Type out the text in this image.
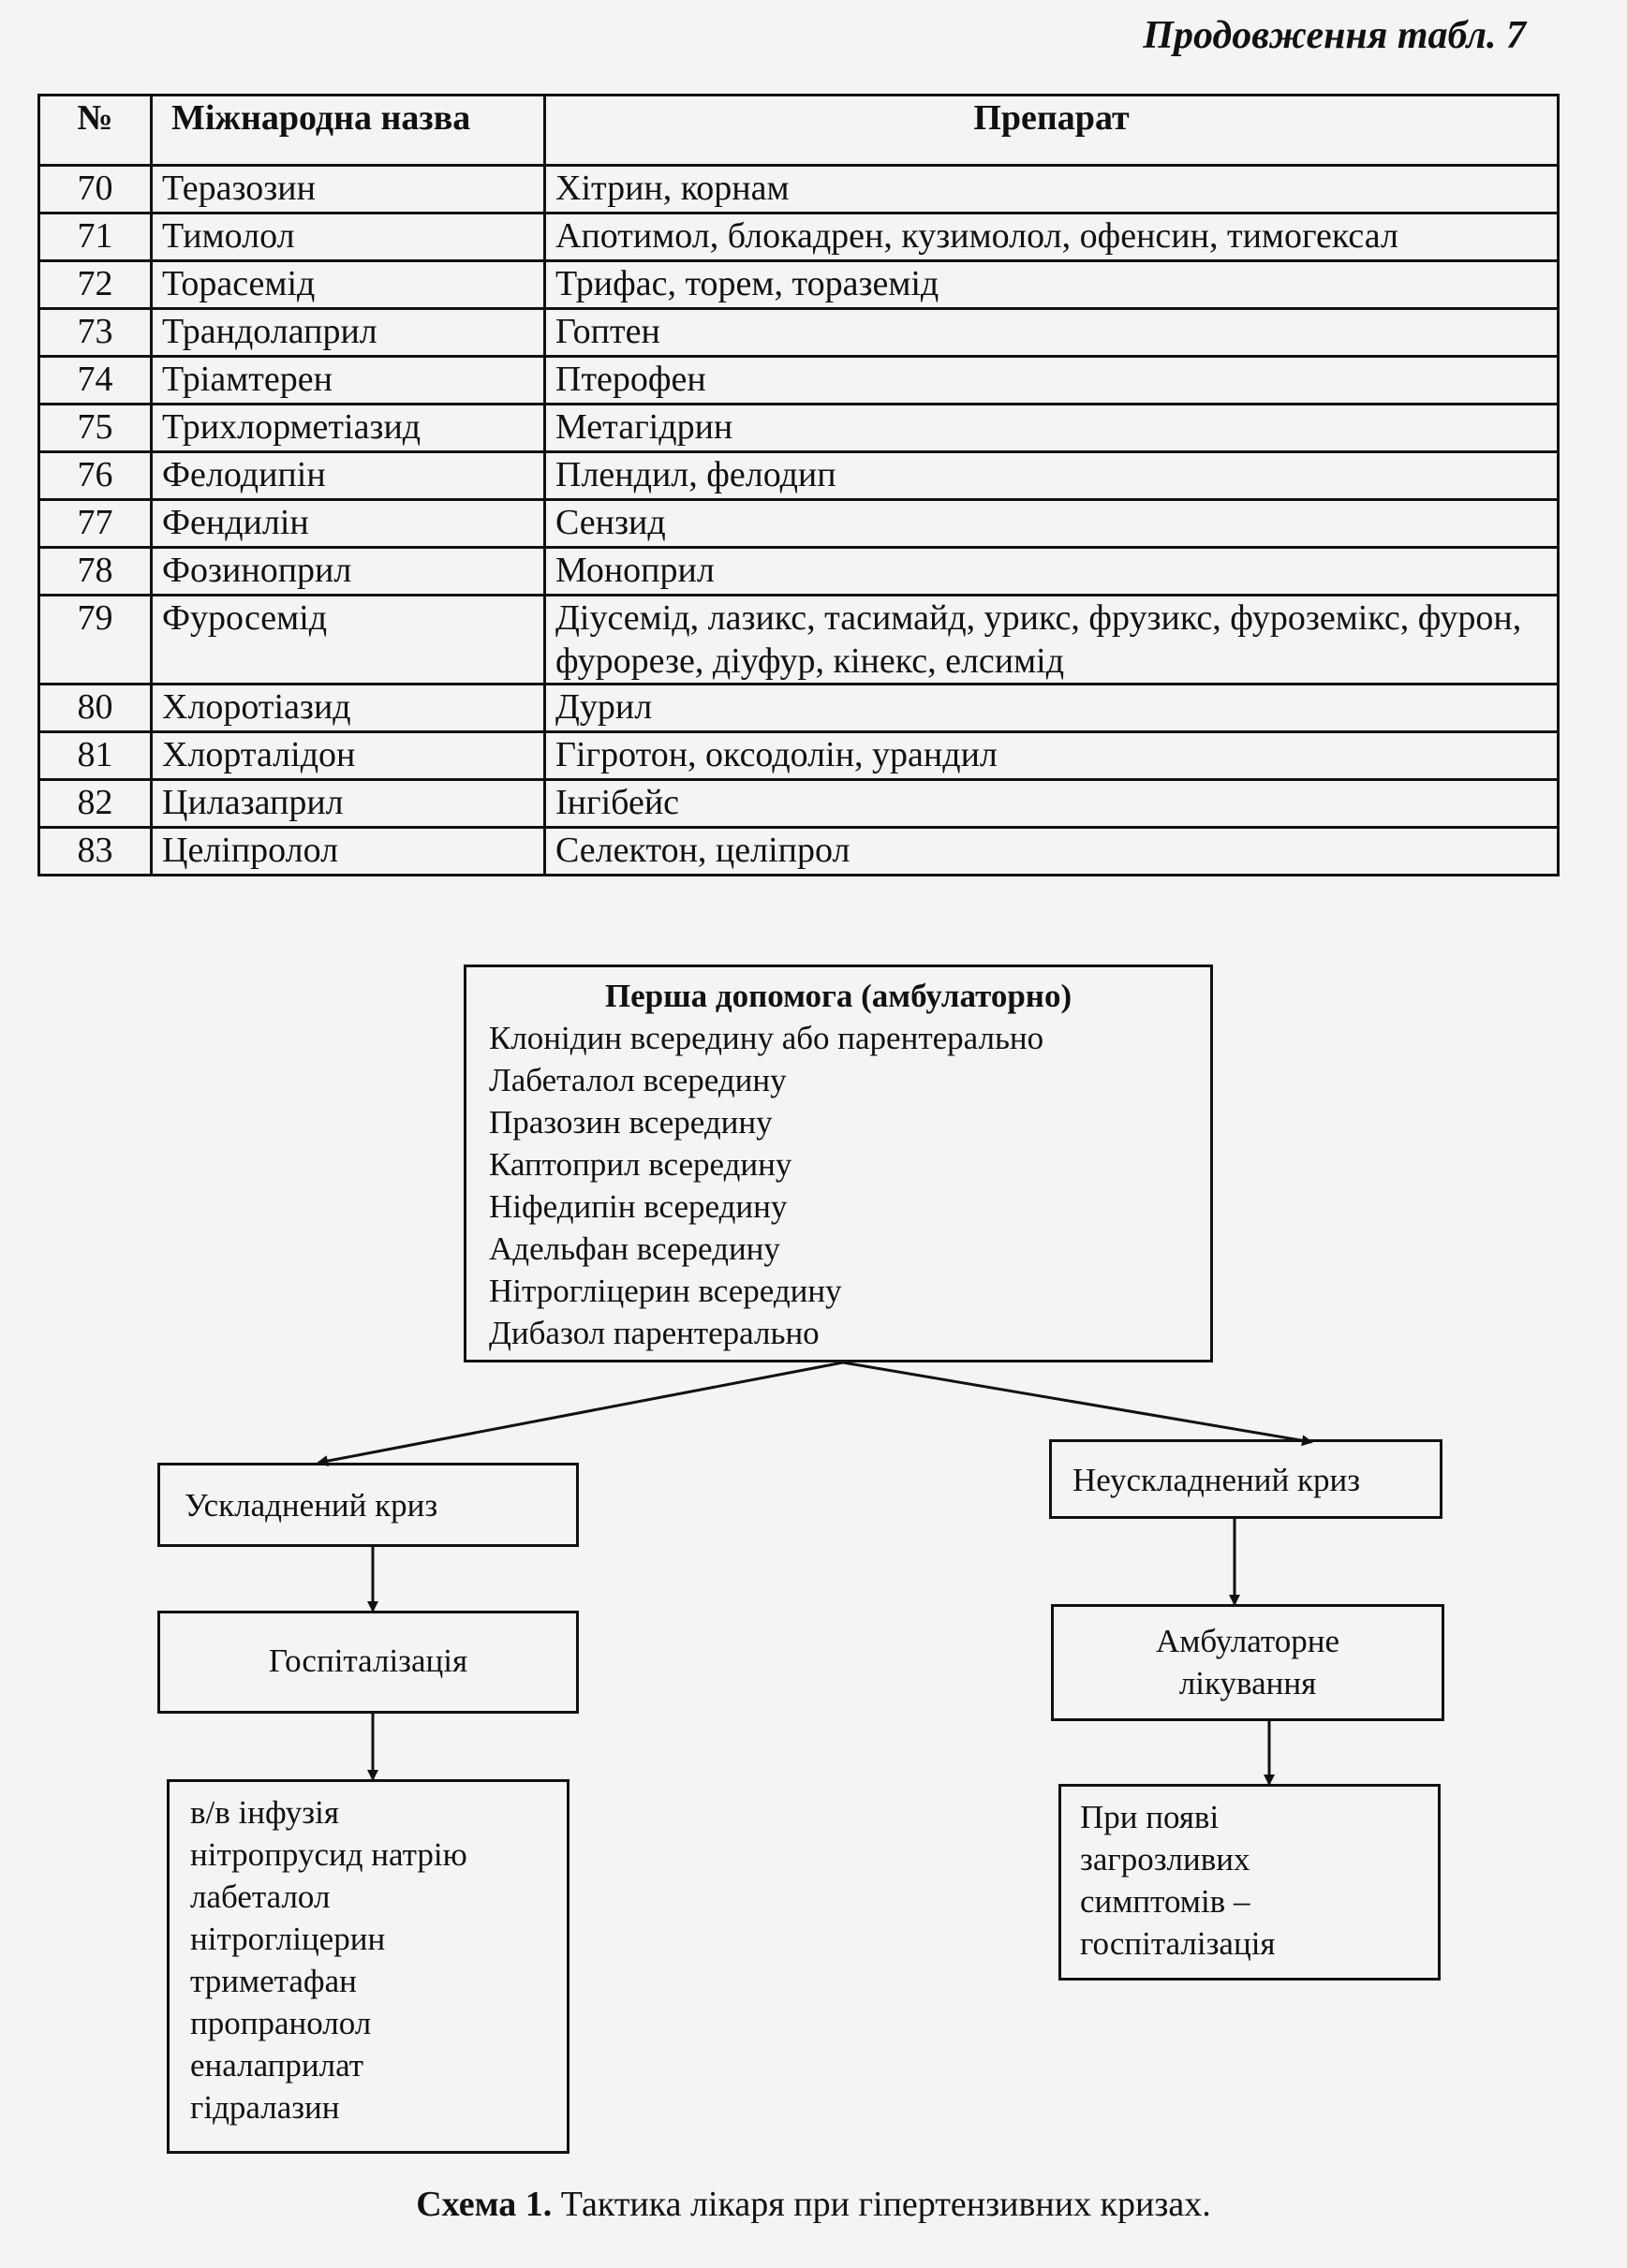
Продовження табл. 7
№	Міжнародна назва	Препарат
70	Теразозин	Хітрин, корнам
71	Тимолол	Апотимол, блокадрен, кузимолол, офенсин, тимогексал
72	Торасемід	Трифас, торем, тораземід
73	Трандолаприл	Гоптен
74	Тріамтерен	Птерофен
75	Трихлорметіазид	Метагідрин
76	Фелодипін	Плендил, фелодип
77	Фендилін	Сензид
78	Фозиноприл	Моноприл
79	Фуросемід	Діусемід, лазикс, тасимайд, урикс, фрузикс, фуроземікс, фурон, фурорезе, діуфур, кінекс, елсимід
80	Хлоротіазид	Дурил
81	Хлорталідон	Гігротон, оксодолін, урандил
82	Цилазаприл	Інгібейс
83	Целіпролол	Селектон, целіпрол
Перша допомога (амбулаторно)
Клонідин всередину або парентерально
Лабеталол всередину
Празозин всередину
Каптоприл всередину
Ніфедипін всередину
Адельфан всередину
Нітрогліцерин всередину
Дибазол парентерально
Ускладнений криз
Неускладнений криз
Госпіталізація
Амбулаторне
лікування
в/в інфузія
нітропрусид натрію
лабеталол
нітрогліцерин
триметафан
пропранолол
еналаприлат
гідралазин
При появі
загрозливих
симптомів –
госпіталізація
Схема 1. Тактика лікаря при гіпертензивних кризах.
